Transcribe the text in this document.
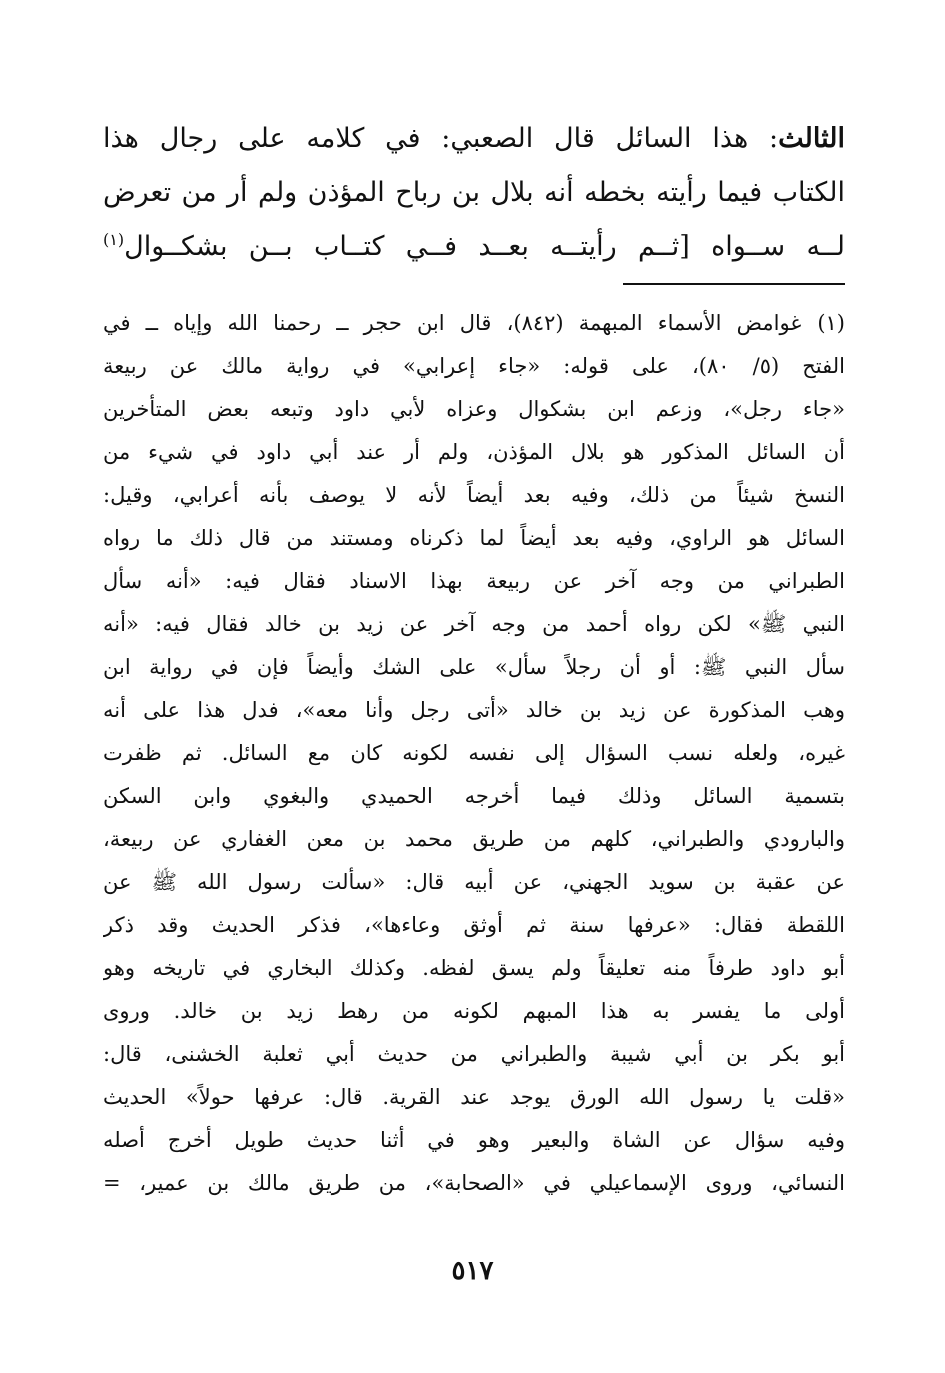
الثالث: هذا السائل قال الصعبي: في كلامه على رجال هذا
الكتاب فيما رأيته بخطه أنه بلال بن رباح المؤذن ولم أر من تعرض
لــه ســواه [ثــم رأيتــه بعــد فــي كتــاب بــن بشكــوال$^{(١)}$
(١)غوامض الأسماء المبهمة (٨٤٢)، قال ابن حجر ــ رحمنا الله وإياه ــ في
الفتح (٥/ ٨٠)، على قوله: «جاء إعرابي» في رواية مالك عن ربيعة
«جاء رجل»، وزعم ابن بشكوال وعزاه لأبي داود وتبعه بعض المتأخرين
أن السائل المذكور هو بلال المؤذن، ولم أر عند أبي داود في شيء من
النسخ شيئاً من ذلك، وفيه بعد أيضاً لأنه لا يوصف بأنه أعرابي، وقيل:
السائل هو الراوي، وفيه بعد أيضاً لما ذكرناه ومستند من قال ذلك ما رواه
الطبراني من وجه آخر عن ربيعة بهذا الاسناد فقال فيه: «أنه سأل
النبي ﷺ» لكن رواه أحمد من وجه آخر عن زيد بن خالد فقال فيه: «أنه
سأل النبي ﷺ: أو أن رجلاً سأل» على الشك وأيضاً فإن في رواية ابن
وهب المذكورة عن زيد بن خالد «أتى رجل وأنا معه»، فدل هذا على أنه
غيره، ولعله نسب السؤال إلى نفسه لكونه كان مع السائل. ثم ظفرت
بتسمية السائل وذلك فيما أخرجه الحميدي والبغوي وابن السكن
والبارودي والطبراني، كلهم من طريق محمد بن معن الغفاري عن ربيعة،
عن عقبة بن سويد الجهني، عن أبيه قال: «سألت رسول الله ﷺ عن
اللقطة فقال: «عرفها سنة ثم أوثق وعاءها»، فذكر الحديث وقد ذكر
أبو داود طرفاً منه تعليقاً ولم يسق لفظه. وكذلك البخاري في تاريخه وهو
أولى ما يفسر به هذا المبهم لكونه من رهط زيد بن خالد. وروى
أبو بكر بن أبي شيبة والطبراني من حديث أبي ثعلبة الخشنى، قال:
«قلت يا رسول الله الورق يوجد عند القرية. قال: عرفها حولاً» الحديث
وفيه سؤال عن الشاة والبعير وهو في أثنا حديث طويل أخرج أصله
النسائي، وروى الإسماعيلي في «الصحابة»، من طريق مالك بن عمير، =
٥١٧
